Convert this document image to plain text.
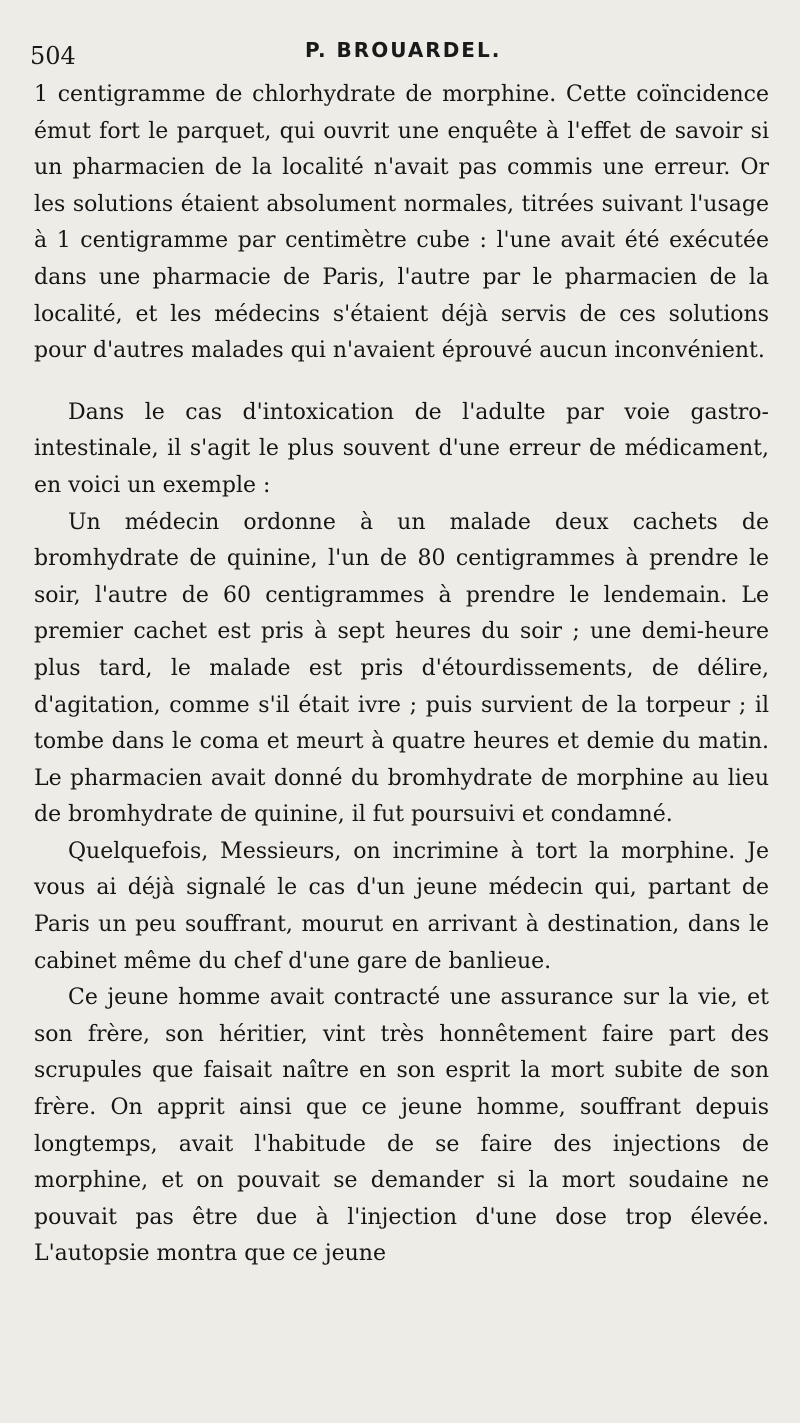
504	P. BROUARDEL.

1 centigramme de chlorhydrate de morphine. Cette coïncidence émut fort le parquet, qui ouvrit une enquête à l'effet de savoir si un pharmacien de la localité n'avait pas commis une erreur. Or les solutions étaient absolument normales, titrées suivant l'usage à 1 centigramme par centimètre cube : l'une avait été exécutée dans une pharmacie de Paris, l'autre par le pharmacien de la localité, et les médecins s'étaient déjà servis de ces solutions pour d'autres malades qui n'avaient éprouvé aucun inconvénient.

Dans le cas d'intoxication de l'adulte par voie gastro-intestinale, il s'agit le plus souvent d'une erreur de médicament, en voici un exemple :

Un médecin ordonne à un malade deux cachets de bromhydrate de quinine, l'un de 80 centigrammes à prendre le soir, l'autre de 60 centigrammes à prendre le lendemain. Le premier cachet est pris à sept heures du soir ; une demi-heure plus tard, le malade est pris d'étourdissements, de délire, d'agitation, comme s'il était ivre ; puis survient de la torpeur ; il tombe dans le coma et meurt à quatre heures et demie du matin. Le pharmacien avait donné du bromhydrate de morphine au lieu de bromhydrate de quinine, il fut poursuivi et condamné.

Quelquefois, Messieurs, on incrimine à tort la morphine. Je vous ai déjà signalé le cas d'un jeune médecin qui, partant de Paris un peu souffrant, mourut en arrivant à destination, dans le cabinet même du chef d'une gare de banlieue.

Ce jeune homme avait contracté une assurance sur la vie, et son frère, son héritier, vint très honnêtement faire part des scrupules que faisait naître en son esprit la mort subite de son frère. On apprit ainsi que ce jeune homme, souffrant depuis longtemps, avait l'habitude de se faire des injections de morphine, et on pouvait se demander si la mort soudaine ne pouvait pas être due à l'injection d'une dose trop élevée. L'autopsie montra que ce jeune
